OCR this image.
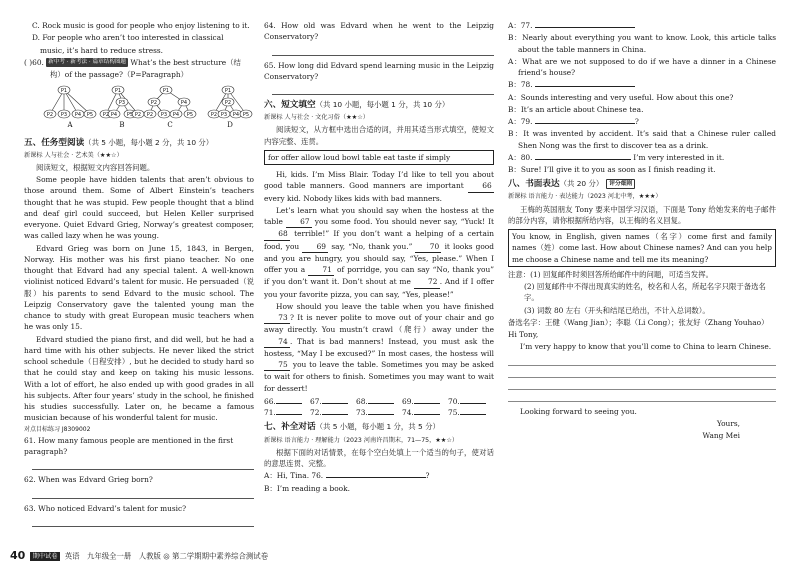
C. Rock music is good for people who enjoy listening to it.
D. For people who aren’t too interested in classical
music, it’s hard to reduce stress.
( )60. 新中考 · 新考法 · 篇章结构图题 What’s the best structure（结
构）of the passage?（P=Paragraph）
P1
P2 P3 P4 P5
P1
P3
P2 P4 P5 P2
P1
P2	P4
P2 P3 P4 P5
P1
P2
P2 P3 P4 P5
A	B	C	D
五、任务型阅读（共 5 小题，每小题 2 分，共 10 分）
新课标 人与社会 · 艺术美（★★☆）
阅读短文，根据短文内容回答问题。
Some people have hidden talents that aren’t obvious to those around them. Some of Albert Einstein’s teachers thought that he was stupid. Few people thought that a blind and deaf girl could succeed, but Helen Keller surprised everyone. Quiet Edvard Grieg, Norway’s greatest composer, was called lazy when he was young.
Edvard Grieg was born on June 15, 1843, in Bergen, Norway. His mother was his first piano teacher. No one thought that Edvard had any special talent. A well-known violinist noticed Edvard’s talent for music. He persuaded（说服）his parents to send Edvard to the music school. The Leipzig Conservatory gave the talented young man the chance to study with great European music teachers when he was only 15.
Edvard studied the piano first, and did well, but he had a hard time with his other subjects. He never liked the strict school schedule（日程安排）, but he decided to study hard so that he could stay and keep on taking his music lessons. With a lot of effort, he also ended up with good grades in all his subjects. After four years’ study in the school, he finished his studies successfully. Later on, he became a famous musician because of his wonderful talent for music.
对点目标练习 J8309002
61. How many famous people are mentioned in the first paragraph?
62. When was Edvard Grieg born?
63. Who noticed Edvard’s talent for music?
64. How old was Edvard when he went to the Leipzig Conservatory?
65. How long did Edvard spend learning music in the Leipzig Conservatory?
六、短文填空（共 10 小题，每小题 1 分，共 10 分）
新课标 人与社会 · 文化习俗（★★☆）
阅读短文，从方框中选出合适的词，并用其适当形式填空，使短文内容完整、连贯。
for offer allow loud bowl table eat taste if simply
Hi, kids. I’m Miss Blair. Today I’d like to tell you about good table manners. Good manners are important 66 every kid. Nobody likes kids with bad manners.
Let’s learn what you should say when the hostess at the table 67 you some food. You should never say, “Yuck! It 68 terrible!” If you don’t want a helping of a certain food, you 69 say, “No, thank you.” 70 it looks good and you are hungry, you should say, “Yes, please.” When I offer you a 71 of porridge, you can say “No, thank you” if you don’t want it. Don’t shout at me 72 . And if I offer you your favorite pizza, you can say, “Yes, please!”
How should you leave the table when you have finished 73 ? It is never polite to move out of your chair and go away directly. You mustn’t crawl（爬行）away under the 74 . That is bad manners! Instead, you must ask the hostess, “May I be excused?” In most cases, the hostess will 75 you to leave the table. Sometimes you may be asked to wait for others to finish. Sometimes you may want to wait for dessert!
66.	67.	68.	69.	70.
71.	72.	73.	74.	75.
七、补全对话（共 5 小题，每小题 1 分，共 5 分）
新课标 语言能力 · 理解能力（2023 河南许昌期末，71—75，★★☆）
根据下面的对话情景，在每个空白处填上一个适当的句子，使对话的意思连贯、完整。
A：Hi, Tina. 76.	?
B：I’m reading a book.
A：77.
B：Nearly about everything you want to know. Look, this article talks about the table manners in China.
A：What are we not supposed to do if we have a dinner in a Chinese friend’s house?
B：78.
A：Sounds interesting and very useful. How about this one?
B：It’s an article about Chinese tea.
A：79.	?
B：It was invented by accident. It’s said that a Chinese ruler called Shen Nong was the first to discover tea as a drink.
A：80.	I’m very interested in it.
B：Sure! I’ll give it to you as soon as I finish reading it.
八、书面表达（共 20 分） 评分细则
新课标 语言能力 · 表达能力（2023 河北中考，★★★）
王梅的英国朋友 Tony 要来中国学习汉语，下面是 Tony 给她发来的电子邮件的部分内容，请你根据所给内容，以王梅的名义回复。
You know, in English, given names（名字）come first and family names（姓）come last. How about Chinese names? And can you help me choose a Chinese name and tell me its meaning?
注意：(1) 回复邮件时须回答所给邮件中的问题，可适当发挥。
(2) 回复邮件中不得出现真实的姓名，校名和人名，所起名字只限于备选名字。
(3) 词数 80 左右（开头和结尾已给出，不计入总词数）。
备选名字：王健（Wang Jian）；李聪（Li Cong）；张友好（Zhang Youhao）
Hi Tony,
I’m very happy to know that you’ll come to China to learn Chinese.
Looking forward to seeing you.
Yours,
Wang Mei
40 期中试卷 英语　九年级全一册　人教版 ◎ 第二学期期中素养综合测试卷
